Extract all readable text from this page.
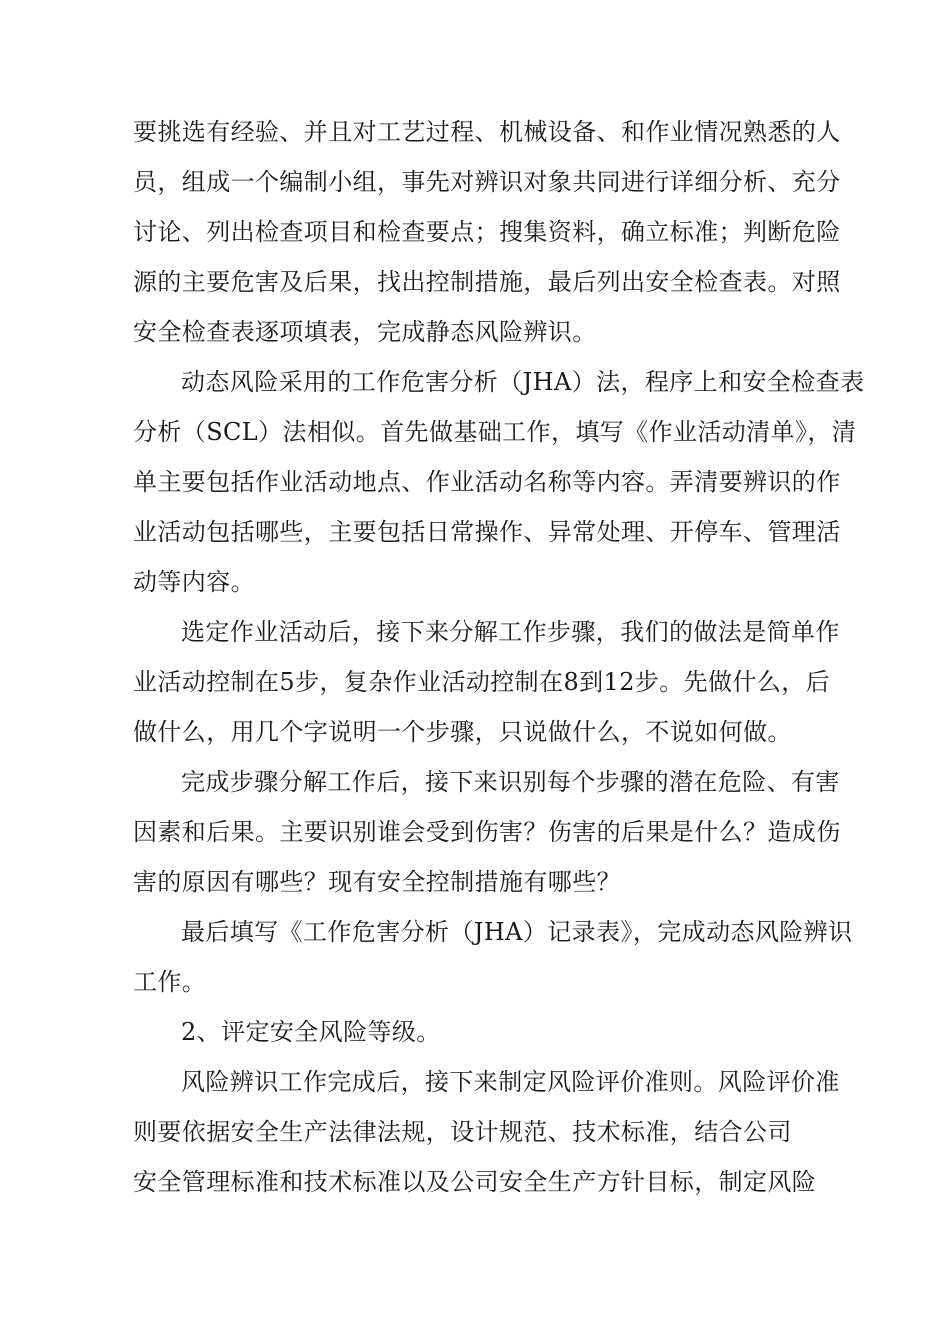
要挑选有经验、并且对工艺过程、机械设备、和作业情况熟悉的人
员，组成一个编制小组，事先对辨识对象共同进行详细分析、充分
讨论、列出检查项目和检查要点；搜集资料，确立标准；判断危险
源的主要危害及后果，找出控制措施，最后列出安全检查表。对照
安全检查表逐项填表，完成静态风险辨识。
动态风险采用的工作危害分析（JHA）法，程序上和安全检查表
分析（SCL）法相似。首先做基础工作，填写《作业活动清单》，清
单主要包括作业活动地点、作业活动名称等内容。弄清要辨识的作
业活动包括哪些，主要包括日常操作、异常处理、开停车、管理活
动等内容。
选定作业活动后，接下来分解工作步骤，我们的做法是简单作
业活动控制在5步，复杂作业活动控制在8到12步。先做什么，后
做什么，用几个字说明一个步骤，只说做什么，不说如何做。
完成步骤分解工作后，接下来识别每个步骤的潜在危险、有害
因素和后果。主要识别谁会受到伤害？伤害的后果是什么？造成伤
害的原因有哪些？现有安全控制措施有哪些？
最后填写《工作危害分析（JHA）记录表》，完成动态风险辨识
工作。
2、评定安全风险等级。
风险辨识工作完成后，接下来制定风险评价准则。风险评价准
则要依据安全生产法律法规，设计规范、技术标准，结合公司
安全管理标准和技术标准以及公司安全生产方针目标，制定风险
